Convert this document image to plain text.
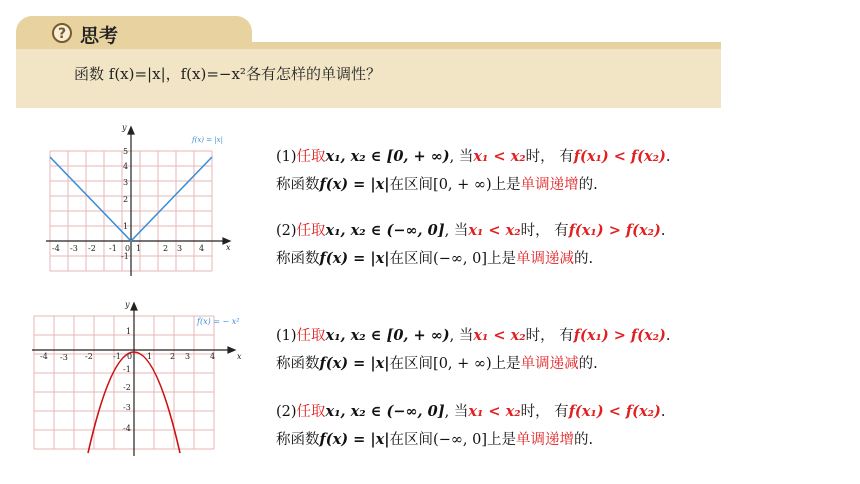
? 思考
函数 f(x)=|x|，f(x)=−x²各有怎样的单调性？
y
x
-4 -3 -2 -1 0 1	2 3 4
5
4
3
2
1
-1
f(x) = |x|
y
x
-4 -3 -2	-1 0 1 2 3 4
1
-1
-2
-3
-4
f(x) = − x²
(1)任取x₁, x₂ ∈ [0, + ∞), 当x₁ < x₂时， 有f(x₁) < f(x₂).
称函数f(x) = |x|在区间[0, + ∞)上是单调递增的.
(2)任取x₁, x₂ ∈ (−∞, 0], 当x₁ < x₂时， 有f(x₁) > f(x₂).
称函数f(x) = |x|在区间(−∞, 0]上是单调递减的.
(1)任取x₁, x₂ ∈ [0, + ∞), 当x₁ < x₂时， 有f(x₁) > f(x₂).
称函数f(x) = |x|在区间[0, + ∞)上是单调递减的.
(2)任取x₁, x₂ ∈ (−∞, 0], 当x₁ < x₂时， 有f(x₁) < f(x₂).
称函数f(x) = |x|在区间(−∞, 0]上是单调递增的.
